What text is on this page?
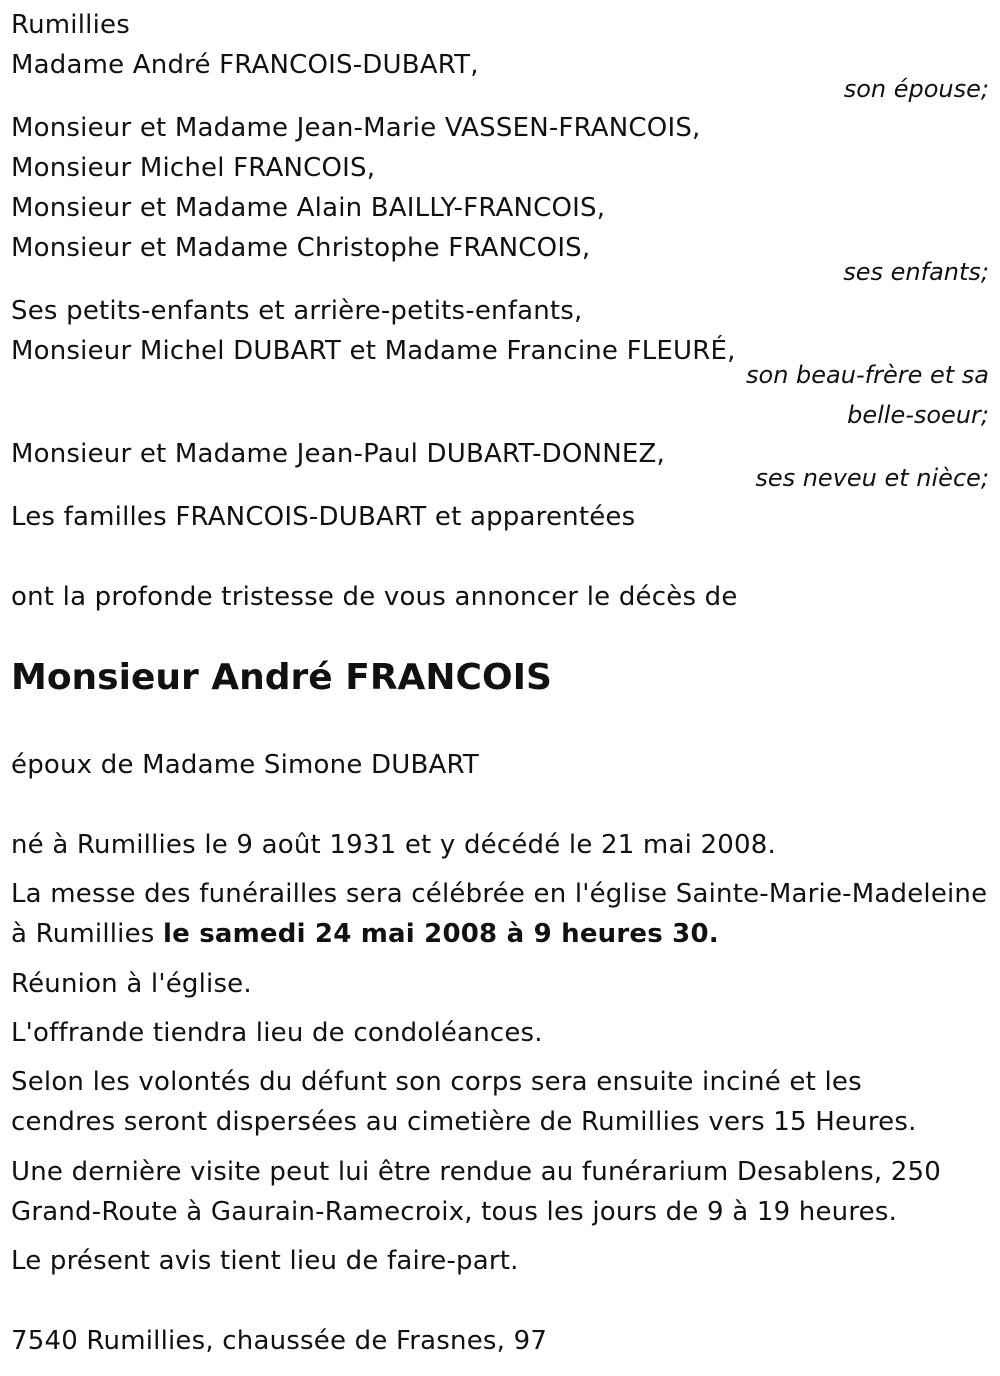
Rumillies
Madame André FRANCOIS-DUBART,
son épouse;
Monsieur et Madame Jean-Marie VASSEN-FRANCOIS,
Monsieur Michel FRANCOIS,
Monsieur et Madame Alain BAILLY-FRANCOIS,
Monsieur et Madame Christophe FRANCOIS,
ses enfants;
Ses petits-enfants et arrière-petits-enfants,
Monsieur Michel DUBART et Madame Francine FLEURÉ,
son beau-frère et sa
belle-soeur;
Monsieur et Madame Jean-Paul DUBART-DONNEZ,
ses neveu et nièce;
Les familles FRANCOIS-DUBART et apparentées
ont la profonde tristesse de vous annoncer le décès de
Monsieur André FRANCOIS
époux de Madame Simone DUBART
né à Rumillies le 9 août 1931 et y décédé le 21 mai 2008.
La messe des funérailles sera célébrée en l'église Sainte-Marie-Madeleine
à Rumillies le samedi 24 mai 2008 à 9 heures 30.
Réunion à l'église.
L'offrande tiendra lieu de condoléances.
Selon les volontés du défunt son corps sera ensuite inciné et les
cendres seront dispersées au cimetière de Rumillies vers 15 Heures.
Une dernière visite peut lui être rendue au funérarium Desablens, 250
Grand-Route à Gaurain-Ramecroix, tous les jours de 9 à 19 heures.
Le présent avis tient lieu de faire-part.
7540 Rumillies, chaussée de Frasnes, 97
